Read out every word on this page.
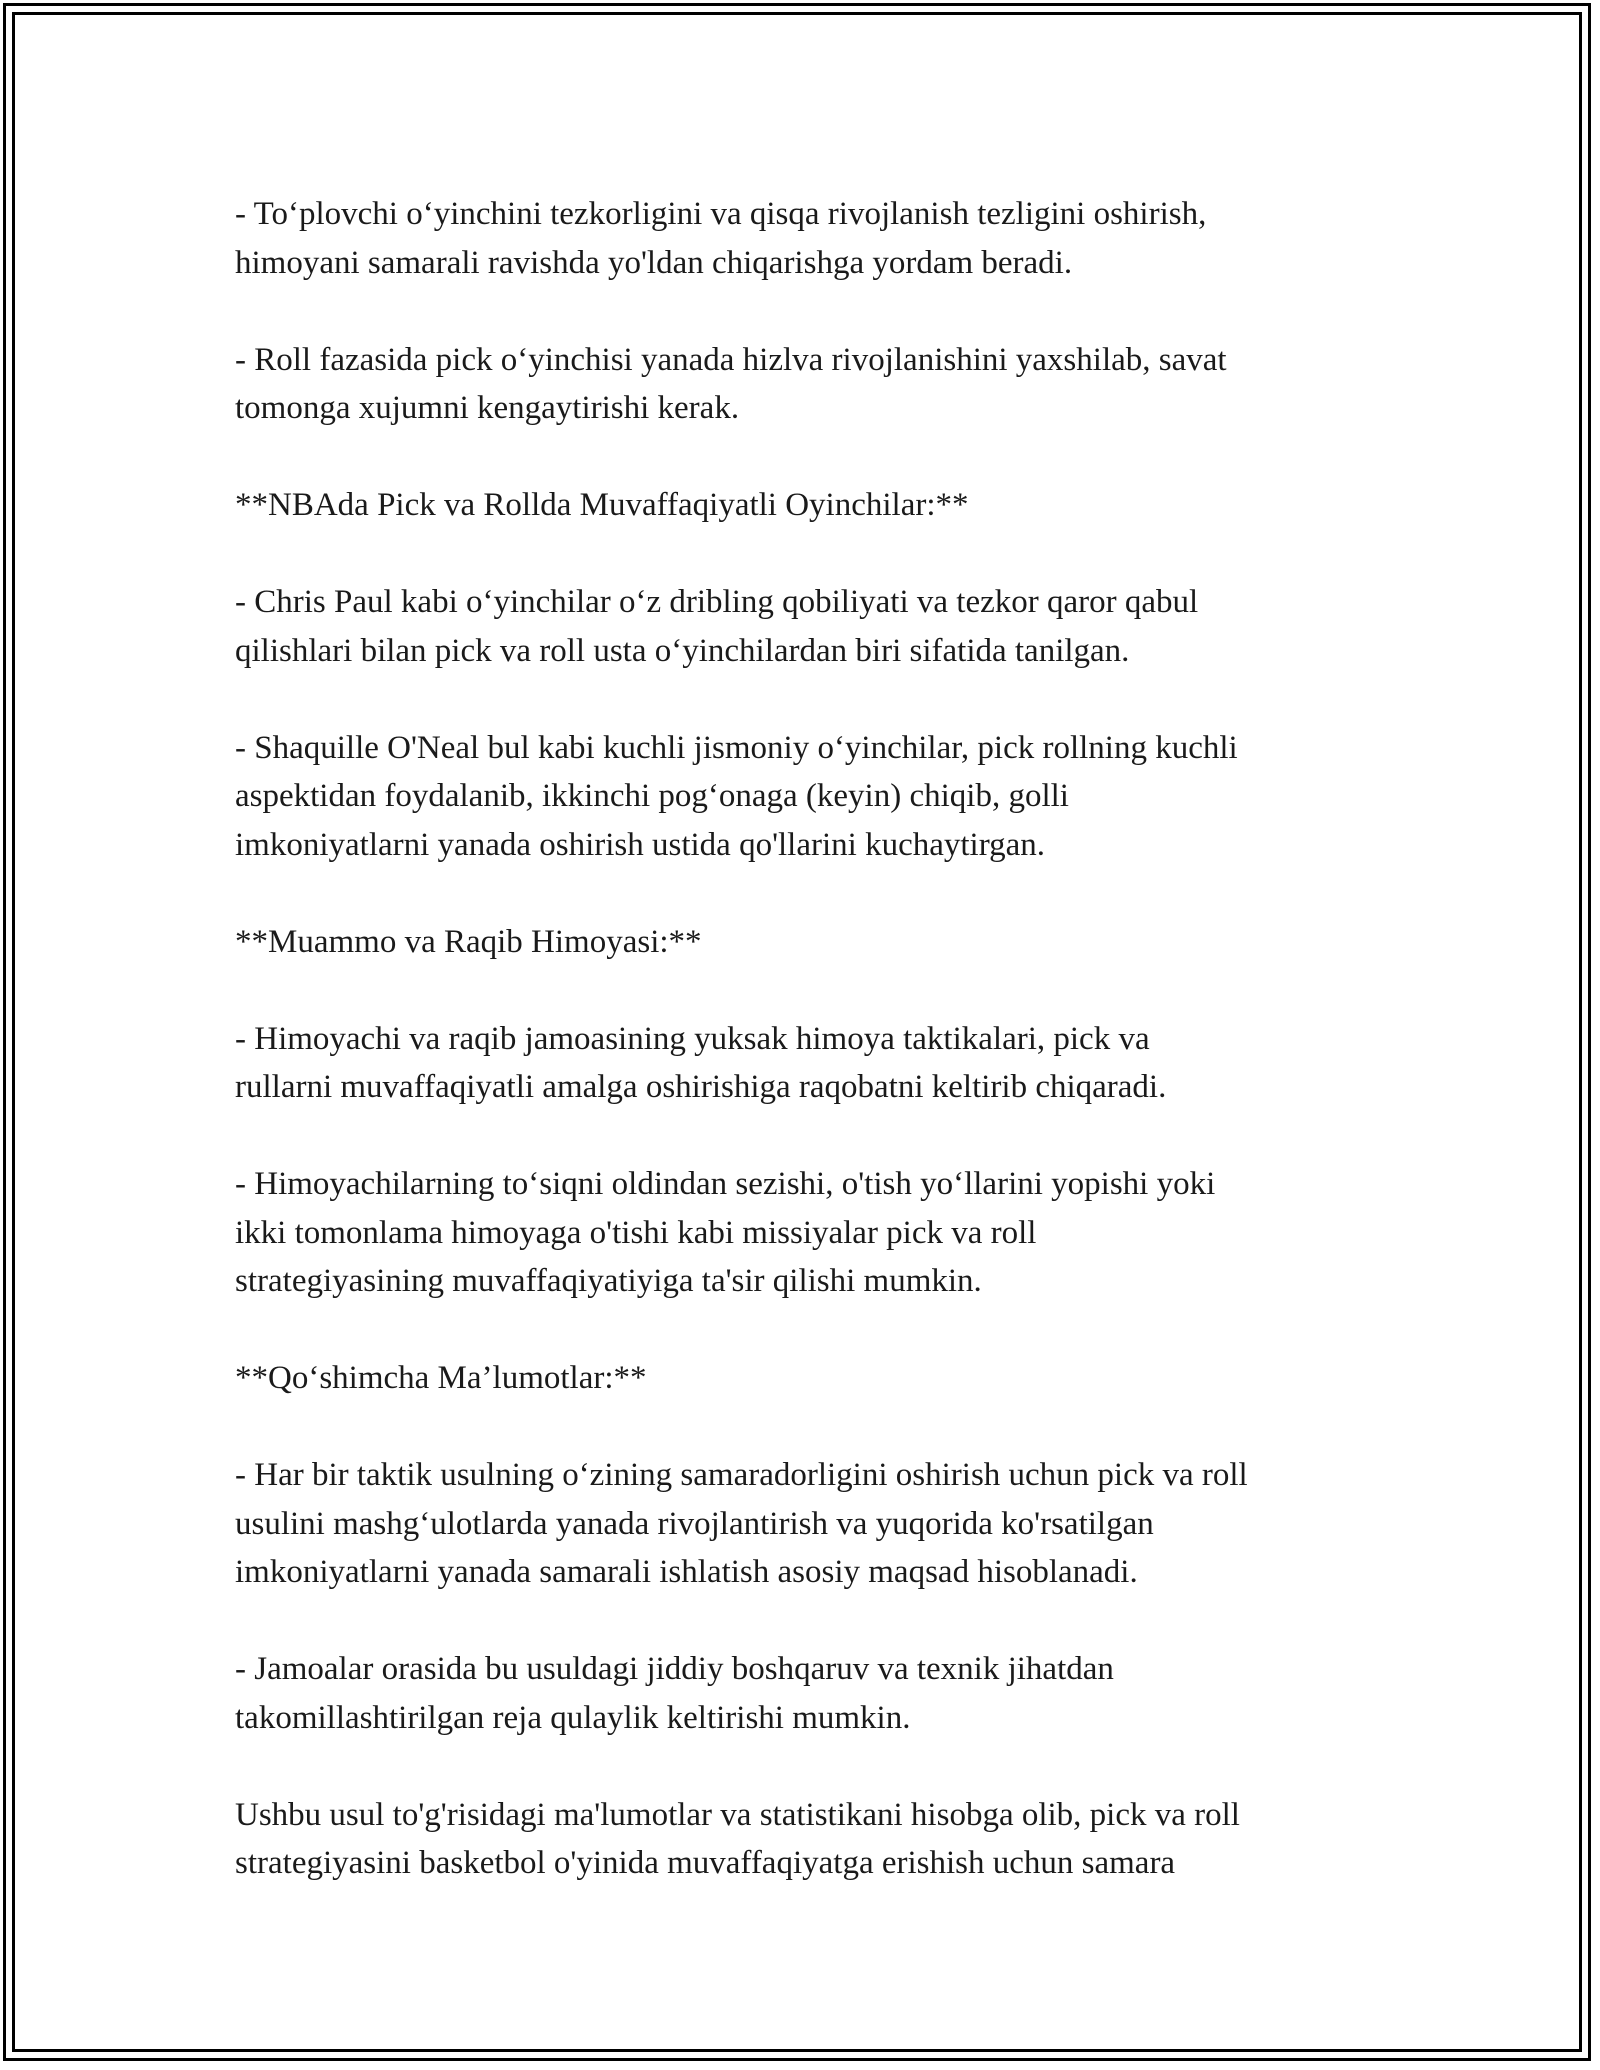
- To‘plovchi o‘yinchini tezkorligini va qisqa rivojlanish tezligini oshirish,
himoyani samarali ravishda yo'ldan chiqarishga yordam beradi.

- Roll fazasida pick o‘yinchisi yanada hizlva rivojlanishini yaxshilab, savat
tomonga xujumni kengaytirishi kerak.

**NBAda Pick va Rollda Muvaffaqiyatli Oyinchilar:**

- Chris Paul kabi o‘yinchilar o‘z dribling qobiliyati va tezkor qaror qabul
qilishlari bilan pick va roll usta o‘yinchilardan biri sifatida tanilgan.

- Shaquille O'Neal bul kabi kuchli jismoniy o‘yinchilar, pick rollning kuchli
aspektidan foydalanib, ikkinchi pog‘onaga (keyin) chiqib, golli
imkoniyatlarni yanada oshirish ustida qo'llarini kuchaytirgan.

**Muammo va Raqib Himoyasi:**

- Himoyachi va raqib jamoasining yuksak himoya taktikalari, pick va
rullarni muvaffaqiyatli amalga oshirishiga raqobatni keltirib chiqaradi.

- Himoyachilarning to‘siqni oldindan sezishi, o'tish yo‘llarini yopishi yoki
ikki tomonlama himoyaga o'tishi kabi missiyalar pick va roll
strategiyasining muvaffaqiyatiyiga ta'sir qilishi mumkin.

**Qo‘shimcha Ma’lumotlar:**

- Har bir taktik usulning o‘zining samaradorligini oshirish uchun pick va roll
usulini mashg‘ulotlarda yanada rivojlantirish va yuqorida ko'rsatilgan
imkoniyatlarni yanada samarali ishlatish asosiy maqsad hisoblanadi.

- Jamoalar orasida bu usuldagi jiddiy boshqaruv va texnik jihatdan
takomillashtirilgan reja qulaylik keltirishi mumkin.

Ushbu usul to'g'risidagi ma'lumotlar va statistikani hisobga olib, pick va roll
strategiyasini basketbol o'yinida muvaffaqiyatga erishish uchun samara
